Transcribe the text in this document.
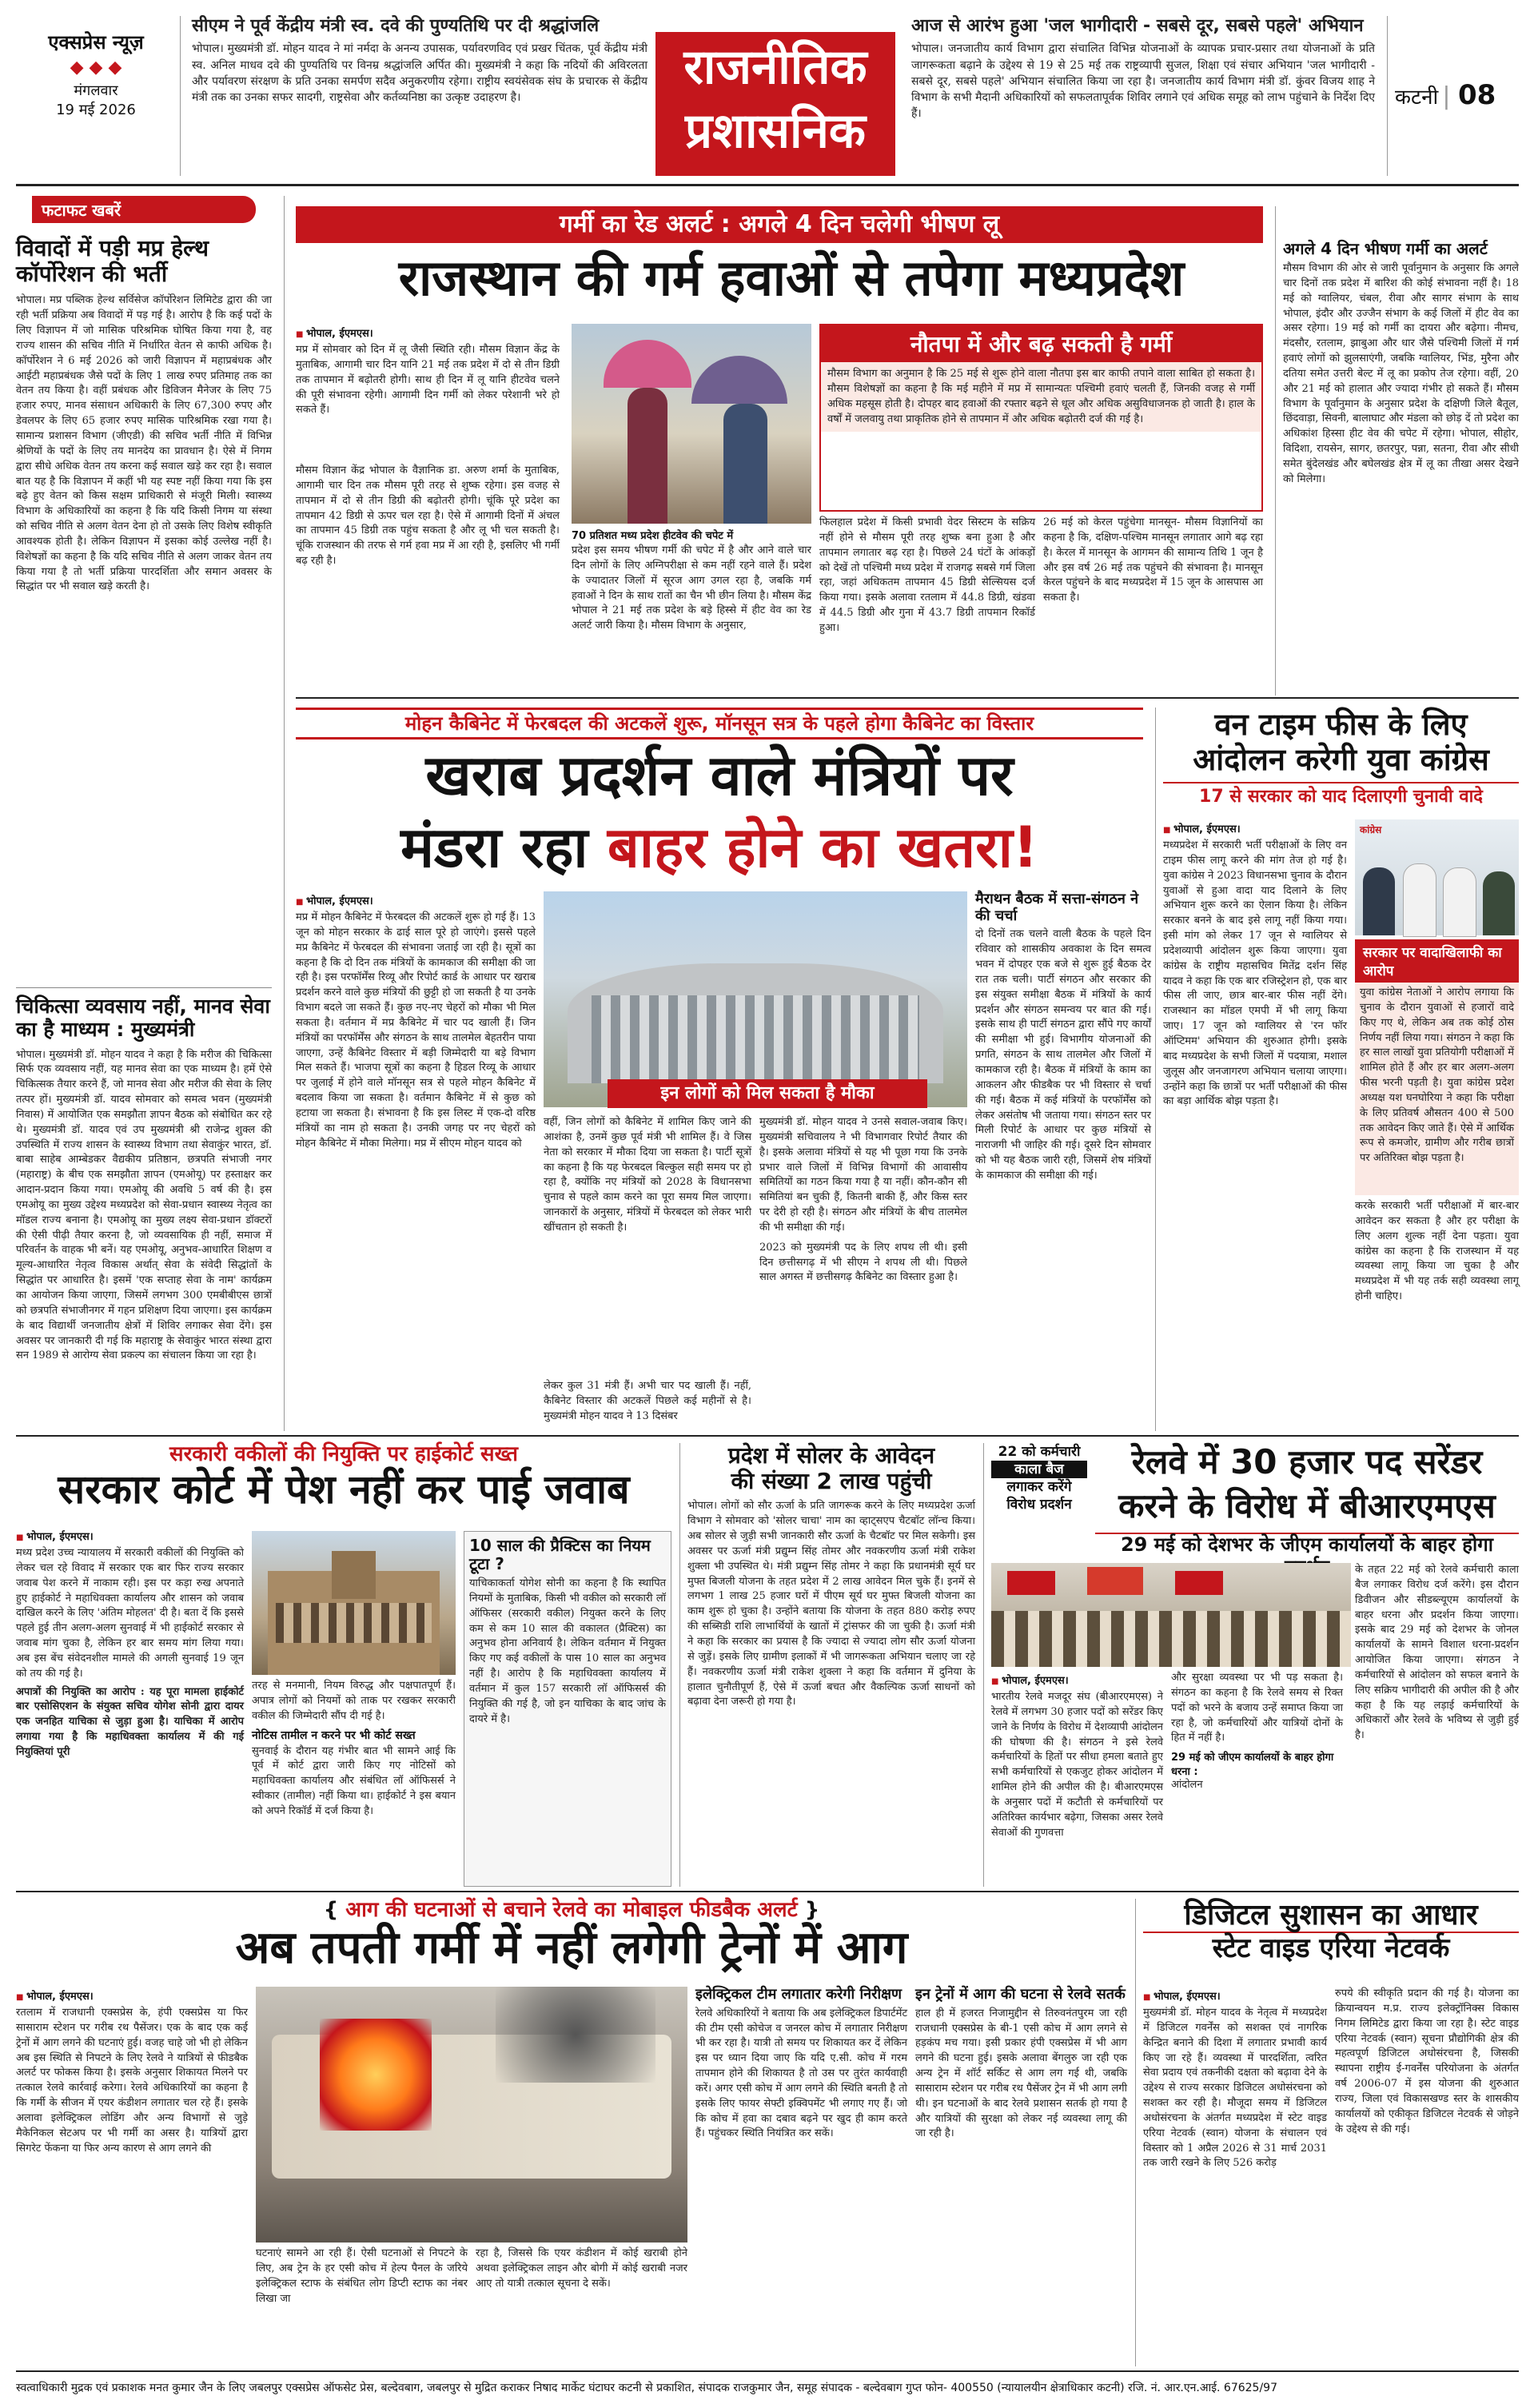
एक्सप्रेस न्यूज़
◆ ◆ ◆
मंगलवार
19 मई 2026
सीएम ने पूर्व केंद्रीय मंत्री स्व. दवे की पुण्यतिथि पर दी श्रद्धांजलि
भोपाल। मुख्यमंत्री डॉ. मोहन यादव ने मां नर्मदा के अनन्य उपासक, पर्यावरणविद एवं प्रखर चिंतक, पूर्व केंद्रीय मंत्री स्व. अनिल माधव दवे की पुण्यतिथि पर विनम्र श्रद्धांजलि अर्पित की। मुख्यमंत्री ने कहा कि नदियों की अविरलता और पर्यावरण संरक्षण के प्रति उनका समर्पण सदैव अनुकरणीय रहेगा। राष्ट्रीय स्वयंसेवक संघ के प्रचारक से केंद्रीय मंत्री तक का उनका सफर सादगी, राष्ट्रसेवा और कर्तव्यनिष्ठा का उत्कृष्ट उदाहरण है।
राजनीतिक
प्रशासनिक
आज से आरंभ हुआ 'जल भागीदारी - सबसे दूर, सबसे पहले' अभियान
भोपाल। जनजातीय कार्य विभाग द्वारा संचालित विभिन्न योजनाओं के व्यापक प्रचार-प्रसार तथा योजनाओं के प्रति जागरूकता बढ़ाने के उद्देश्य से 19 से 25 मई तक राष्ट्रव्यापी सुजल, शिक्षा एवं संचार अभियान 'जल भागीदारी - सबसे दूर, सबसे पहले' अभियान संचालित किया जा रहा है। जनजातीय कार्य विभाग मंत्री डॉ. कुंवर विजय शाह ने विभाग के सभी मैदानी अधिकारियों को सफलतापूर्वक शिविर लगाने एवं अधिक समूह को लाभ पहुंचाने के निर्देश दिए हैं।
कटनी | 08
फटाफट खबरें
विवादों में पड़ी मप्र हेल्थ कॉर्पोरेशन की भर्ती
भोपाल। मप्र पब्लिक हेल्थ सर्विसेज कॉर्पोरेशन लिमिटेड द्वारा की जा रही भर्ती प्रक्रिया अब विवादों में पड़ गई है। आरोप है कि कई पदों के लिए विज्ञापन में जो मासिक परिश्रमिक घोषित किया गया है, वह राज्य शासन की सचिव नीति में निर्धारित वेतन से काफी अधिक है। कॉर्पोरेशन ने 6 मई 2026 को जारी विज्ञापन में महाप्रबंधक और आईटी महाप्रबंधक जैसे पदों के लिए 1 लाख रुपए प्रतिमाह तक का वेतन तय किया है। वहीं प्रबंधक और डिविजन मैनेजर के लिए 75 हजार रुपए, मानव संसाधन अधिकारी के लिए 67,300 रुपए और डेवलपर के लिए 65 हजार रुपए मासिक पारिश्रमिक रखा गया है। सामान्य प्रशासन विभाग (जीएडी) की सचिव भर्ती नीति में विभिन्न श्रेणियों के पदों के लिए तय मानदेय का प्रावधान है। ऐसे में निगम द्वारा सीधे अधिक वेतन तय करना कई सवाल खड़े कर रहा है। सवाल बात यह है कि विज्ञापन में कहीं भी यह स्पष्ट नहीं किया गया कि इस बढ़े हुए वेतन को किस सक्षम प्राधिकारी से मंजूरी मिली। स्वास्थ्य विभाग के अधिकारियों का कहना है कि यदि किसी निगम या संस्था को सचिव नीति से अलग वेतन देना हो तो उसके लिए विशेष स्वीकृति आवश्यक होती है। लेकिन विज्ञापन में इसका कोई उल्लेख नहीं है। विशेषज्ञों का कहना है कि यदि सचिव नीति से अलग जाकर वेतन तय किया गया है तो भर्ती प्रक्रिया पारदर्शिता और समान अवसर के सिद्धांत पर भी सवाल खड़े करती है।
चिकित्सा व्यवसाय नहीं, मानव सेवा का है माध्यम : मुख्यमंत्री
भोपाल। मुख्यमंत्री डॉ. मोहन यादव ने कहा है कि मरीज की चिकित्सा सिर्फ एक व्यवसाय नहीं, यह मानव सेवा का एक माध्यम है। हमें ऐसे चिकित्सक तैयार करने हैं, जो मानव सेवा और मरीज की सेवा के लिए तत्पर हों। मुख्यमंत्री डॉ. यादव सोमवार को समत्व भवन (मुख्यमंत्री निवास) में आयोजित एक समझौता ज्ञापन बैठक को संबोधित कर रहे थे। मुख्यमंत्री डॉ. यादव एवं उप मुख्यमंत्री श्री राजेन्द्र शुक्ल की उपस्थिति में राज्य शासन के स्वास्थ्य विभाग तथा सेवाकुंर भारत, डॉ. बाबा साहेब आम्बेडकर वैद्यकीय प्रतिष्ठान, छत्रपति संभाजी नगर (महाराष्ट्र) के बीच एक समझौता ज्ञापन (एमओयू) पर हस्ताक्षर कर आदान-प्रदान किया गया। एमओयू की अवधि 5 वर्ष की है। इस एमओयू का मुख्य उद्देश्य मध्यप्रदेश को सेवा-प्रधान स्वास्थ्य नेतृत्व का मॉडल राज्य बनाना है। एमओयू का मुख्य लक्ष्य सेवा-प्रधान डॉक्टरों की ऐसी पीढ़ी तैयार करना है, जो व्यवसायिक ही नहीं, समाज में परिवर्तन के वाहक भी बनें। यह एमओयू, अनुभव-आधारित शिक्षण व मूल्य-आधारित नेतृत्व विकास अर्थात् सेवा के संवेदी सिद्धांतों के सिद्धांत पर आधारित है। इसमें 'एक सप्ताह सेवा के नाम' कार्यक्रम का आयोजन किया जाएगा, जिसमें लगभग 300 एमबीबीएस छात्रों को छत्रपति संभाजीनगर में गहन प्रशिक्षण दिया जाएगा। इस कार्यक्रम के बाद विद्यार्थी जनजातीय क्षेत्रों में शिविर लगाकर सेवा देंगे। इस अवसर पर जानकारी दी गई कि महाराष्ट्र के सेवाकुंर भारत संस्था द्वारा सन 1989 से आरोग्य सेवा प्रकल्प का संचालन किया जा रहा है।
गर्मी का रेड अलर्ट : अगले 4 दिन चलेगी भीषण लू
राजस्थान की गर्म हवाओं से तपेगा मध्यप्रदेश
■ भोपाल, ईएमएस।
मप्र में सोमवार को दिन में लू जैसी स्थिति रही। मौसम विज्ञान केंद्र के मुताबिक, आगामी चार दिन यानि 21 मई तक प्रदेश में दो से तीन डिग्री तक तापमान में बढ़ोतरी होगी। साथ ही दिन में लू यानि हीटवेव चलने की पूरी संभावना रहेगी। आगामी दिन गर्मी को लेकर परेशानी भरे हो सकते हैं।
मौसम विज्ञान केंद्र भोपाल के वैज्ञानिक डा. अरुण शर्मा के मुताबिक, आगामी चार दिन तक मौसम पूरी तरह से शुष्क रहेगा। इस वजह से तापमान में दो से तीन डिग्री की बढ़ोतरी होगी। चूंकि पूरे प्रदेश का तापमान 42 डिग्री से ऊपर चल रहा है। ऐसे में आगामी दिनों में अंचल का तापमान 45 डिग्री तक पहुंच सकता है और लू भी चल सकती है। चूंकि राजस्थान की तरफ से गर्म हवा मप्र में आ रही है, इसलिए भी गर्मी बढ़ रही है।
70 प्रतिशत मध्य प्रदेश हीटवेव की चपेट में
प्रदेश इस समय भीषण गर्मी की चपेट में है और आने वाले चार दिन लोगों के लिए अग्निपरीक्षा से कम नहीं रहने वाले हैं। प्रदेश के ज्यादातर जिलों में सूरज आग उगल रहा है, जबकि गर्म हवाओं ने दिन के साथ रातों का चैन भी छीन लिया है। मौसम केंद्र भोपाल ने 21 मई तक प्रदेश के बड़े हिस्से में हीट वेव का रेड अलर्ट जारी किया है। मौसम विभाग के अनुसार,
नौतपा में और बढ़ सकती है गर्मी
मौसम विभाग का अनुमान है कि 25 मई से शुरू होने वाला नौतपा इस बार काफी तपाने वाला साबित हो सकता है। मौसम विशेषज्ञों का कहना है कि मई महीने में मप्र में सामान्यतः पश्चिमी हवाएं चलती हैं, जिनकी वजह से गर्मी अधिक महसूस होती है। दोपहर बाद हवाओं की रफ्तार बढ़ने से धूल और अधिक असुविधाजनक हो जाती है। हाल के वर्षों में जलवायु तथा प्राकृतिक होने से तापमान में और अधिक बढ़ोतरी दर्ज की गई है।
फिलहाल प्रदेश में किसी प्रभावी वेदर सिस्टम के सक्रिय नहीं होने से मौसम पूरी तरह शुष्क बना हुआ है और तापमान लगातार बढ़ रहा है। पिछले 24 घंटों के आंकड़ों को देखें तो पश्चिमी मध्य प्रदेश में राजगढ़ सबसे गर्म जिला रहा, जहां अधिकतम तापमान 45 डिग्री सेल्सियस दर्ज किया गया। इसके अलावा रतलाम में 44.8 डिग्री, खंडवा में 44.5 डिग्री और गुना में 43.7 डिग्री तापमान रिकॉर्ड हुआ।
26 मई को केरल पहुंचेगा मानसून- मौसम विज्ञानियों का कहना है कि, दक्षिण-पश्चिम मानसून लगातार आगे बढ़ रहा है। केरल में मानसून के आगमन की सामान्य तिथि 1 जून है और इस वर्ष 26 मई तक पहुंचने की संभावना है। मानसून केरल पहुंचने के बाद मध्यप्रदेश में 15 जून के आसपास आ सकता है।
अगले 4 दिन भीषण गर्मी का अलर्ट
मौसम विभाग की ओर से जारी पूर्वानुमान के अनुसार कि अगले चार दिनों तक प्रदेश में बारिश की कोई संभावना नहीं है। 18 मई को ग्वालियर, चंबल, रीवा और सागर संभाग के साथ भोपाल, इंदौर और उज्जैन संभाग के कई जिलों में हीट वेव का असर रहेगा। 19 मई को गर्मी का दायरा और बढ़ेगा। नीमच, मंदसौर, रतलाम, झाबुआ और धार जैसे पश्चिमी जिलों में गर्म हवाएं लोगों को झुलसाएंगी, जबकि ग्वालियर, भिंड, मुरैना और दतिया समेत उत्तरी बेल्ट में लू का प्रकोप तेज रहेगा। वहीं, 20 और 21 मई को हालात और ज्यादा गंभीर हो सकते हैं। मौसम विभाग के पूर्वानुमान के अनुसार प्रदेश के दक्षिणी जिले बैतूल, छिंदवाड़ा, सिवनी, बालाघाट और मंडला को छोड़ दें तो प्रदेश का अधिकांश हिस्सा हीट वेव की चपेट में रहेगा। भोपाल, सीहोर, विदिशा, रायसेन, सागर, छतरपुर, पन्ना, सतना, रीवा और सीधी समेत बुंदेलखंड और बघेलखंड क्षेत्र में लू का तीखा असर देखने को मिलेगा।
मोहन कैबिनेट में फेरबदल की अटकलें शुरू, मॉनसून सत्र के पहले होगा कैबिनेट का विस्तार
खराब प्रदर्शन वाले मंत्रियों पर
मंडरा रहा बाहर होने का खतरा!
■ भोपाल, ईएमएस।
मप्र में मोहन कैबिनेट में फेरबदल की अटकलें शुरू हो गई हैं। 13 जून को मोहन सरकार के ढाई साल पूरे हो जाएंगे। इससे पहले मप्र कैबिनेट में फेरबदल की संभावना जताई जा रही है। सूत्रों का कहना है कि दो दिन तक मंत्रियों के कामकाज की समीक्षा की जा रही है। इस परफॉर्मेंस रिव्यू और रिपोर्ट कार्ड के आधार पर खराब प्रदर्शन करने वाले कुछ मंत्रियों की छुट्टी हो जा सकती है या उनके विभाग बदले जा सकते हैं। कुछ नए-नए चेहरों को मौका भी मिल सकता है। वर्तमान में मप्र कैबिनेट में चार पद खाली हैं। जिन मंत्रियों का परफॉर्मेंस और संगठन के साथ तालमेल बेहतरीन पाया जाएगा, उन्हें कैबिनेट विस्तार में बड़ी जिम्मेदारी या बड़े विभाग मिल सकते हैं। भाजपा सूत्रों का कहना है हिडल रिव्यू के आधार पर जुलाई में होने वाले मॉनसून सत्र से पहले मोहन कैबिनेट में बदलाव किया जा सकता है। वर्तमान कैबिनेट में से कुछ को हटाया जा सकता है। संभावना है कि इस लिस्ट में एक-दो वरिष्ठ मंत्रियों का नाम हो सकता है। उनकी जगह पर नए चेहरों को मोहन कैबिनेट में मौका मिलेगा। मप्र में सीएम मोहन यादव को
इन लोगों को मिल सकता है मौका
वहीं, जिन लोगों को कैबिनेट में शामिल किए जाने की आशंका है, उनमें कुछ पूर्व मंत्री भी शामिल हैं। वे जिस नेता को सरकार में मौका दिया जा सकता है। पार्टी सूत्रों का कहना है कि यह फेरबदल बिल्कुल सही समय पर हो रहा है, क्योंकि नए मंत्रियों को 2028 के विधानसभा चुनाव से पहले काम करने का पूरा समय मिल जाएगा। जानकारों के अनुसार, मंत्रियों में फेरबदल को लेकर भारी खींचतान हो सकती है।
लेकर कुल 31 मंत्री हैं। अभी चार पद खाली हैं। नहीं, कैबिनेट विस्तार की अटकलें पिछले कई महीनों से है। मुख्यमंत्री मोहन यादव ने 13 दिसंबर
मुख्यमंत्री डॉ. मोहन यादव ने उनसे सवाल-जवाब किए। मुख्यमंत्री सचिवालय ने भी विभागवार रिपोर्ट तैयार की है। इसके अलावा मंत्रियों से यह भी पूछा गया कि उनके प्रभार वाले जिलों में विभिन्न विभागों की आवासीय समितियों का गठन किया गया है या नहीं। कौन-कौन सी समितियां बन चुकी हैं, कितनी बाकी हैं, और किस स्तर पर देरी हो रही है। संगठन और मंत्रियों के बीच तालमेल की भी समीक्षा की गई।
2023 को मुख्यमंत्री पद के लिए शपथ ली थी। इसी दिन छत्तीसगढ़ में भी सीएम ने शपथ ली थी। पिछले साल अगस्त में छत्तीसगढ़ कैबिनेट का विस्तार हुआ है।
मैराथन बैठक में सत्ता-संगठन ने की चर्चा
दो दिनों तक चलने वाली बैठक के पहले दिन रविवार को शासकीय अवकाश के दिन समत्व भवन में दोपहर एक बजे से शुरू हुई बैठक देर रात तक चली। पार्टी संगठन और सरकार की इस संयुक्त समीक्षा बैठक में मंत्रियों के कार्य प्रदर्शन और संगठन समन्वय पर बात की गई। इसके साथ ही पार्टी संगठन द्वारा सौंपे गए कार्यों की समीक्षा भी हुई। विभागीय योजनाओं की प्रगति, संगठन के साथ तालमेल और जिलों में कामकाज रही है। बैठक में मंत्रियों के काम का आकलन और फीडबैक पर भी विस्तार से चर्चा की गई। बैठक में कई मंत्रियों के परफॉर्मेंस को लेकर असंतोष भी जताया गया। संगठन स्तर पर मिली रिपोर्ट के आधार पर कुछ मंत्रियों से नाराजगी भी जाहिर की गई। दूसरे दिन सोमवार को भी यह बैठक जारी रही, जिसमें शेष मंत्रियों के कामकाज की समीक्षा की गई।
वन टाइम फीस के लिए
आंदोलन करेगी युवा कांग्रेस
17 से सरकार को याद दिलाएगी चुनावी वादे
■ भोपाल, ईएमएस।
मध्यप्रदेश में सरकारी भर्ती परीक्षाओं के लिए वन टाइम फीस लागू करने की मांग तेज हो गई है। युवा कांग्रेस ने 2023 विधानसभा चुनाव के दौरान युवाओं से हुआ वादा याद दिलाने के लिए अभियान शुरू करने का ऐलान किया है। लेकिन सरकार बनने के बाद इसे लागू नहीं किया गया। इसी मांग को लेकर 17 जून से ग्वालियर से प्रदेशव्यापी आंदोलन शुरू किया जाएगा। युवा कांग्रेस के राष्ट्रीय महासचिव मितेंद्र दर्शन सिंह यादव ने कहा कि एक बार रजिस्ट्रेशन हो, एक बार फीस ली जाए, छात्र बार-बार फीस नहीं देंगे। राजस्थान का मॉडल एमपी में भी लागू किया जाए। 17 जून को ग्वालियर से 'रन फॉर ऑप्टिमम' अभियान की शुरुआत होगी। इसके बाद मध्यप्रदेश के सभी जिलों में पदयात्रा, मशाल जुलूस और जनजागरण अभियान चलाया जाएगा। उन्होंने कहा कि छात्रों पर भर्ती परीक्षाओं की फीस का बड़ा आर्थिक बोझ पड़ता है।
कांग्रेस
सरकार पर वादाखिलाफी का आरोप
युवा कांग्रेस नेताओं ने आरोप लगाया कि चुनाव के दौरान युवाओं से हजारों वादे किए गए थे, लेकिन अब तक कोई ठोस निर्णय नहीं लिया गया। संगठन ने कहा कि हर साल लाखों युवा प्रतियोगी परीक्षाओं में शामिल होते हैं और हर बार अलग-अलग फीस भरनी पड़ती है। युवा कांग्रेस प्रदेश अध्यक्ष यश घनघोरिया ने कहा कि परीक्षा के लिए प्रतिवर्ष औसतन 400 से 500 तक आवेदन किए जाते हैं। ऐसे में आर्थिक रूप से कमजोर, ग्रामीण और गरीब छात्रों पर अतिरिक्त बोझ पड़ता है।
करके सरकारी भर्ती परीक्षाओं में बार-बार आवेदन कर सकता है और हर परीक्षा के लिए अलग शुल्क नहीं देना पड़ता। युवा कांग्रेस का कहना है कि राजस्थान में यह व्यवस्था लागू किया जा चुका है और मध्यप्रदेश में भी यह तर्क सही व्यवस्था लागू होनी चाहिए।
सरकारी वकीलों की नियुक्ति पर हाईकोर्ट सख्त
सरकार कोर्ट में पेश नहीं कर पाई जवाब
■ भोपाल, ईएमएस।
मध्य प्रदेश उच्च न्यायालय में सरकारी वकीलों की नियुक्ति को लेकर चल रहे विवाद में सरकार एक बार फिर राज्य सरकार जवाब पेश करने में नाकाम रही। इस पर कड़ा रुख अपनाते हुए हाईकोर्ट ने महाधिवक्ता कार्यालय और शासन को जवाब दाखिल करने के लिए 'अंतिम मोहलत' दी है। बता दें कि इससे पहले हुई तीन अलग-अलग सुनवाई में भी हाईकोर्ट सरकार से जवाब मांग चुका है, लेकिन हर बार समय मांग लिया गया। अब इस बेंच संवेदनशील मामले की अगली सुनवाई 19 जून को तय की गई है।
अपात्रों की नियुक्ति का आरोप : यह पूरा मामला हाईकोर्ट बार एसोसिएशन के संयुक्त सचिव योगेश सोनी द्वारा दायर एक जनहित याचिका से जुड़ा हुआ है। याचिका में आरोप लगाया गया है कि महाधिवक्ता कार्यालय में की गई नियुक्तियां पूरी
तरह से मनमानी, नियम विरुद्ध और पक्षपातपूर्ण हैं। अपात्र लोगों को नियमों को ताक पर रखकर सरकारी वकील की जिम्मेदारी सौंप दी गई है।
नोटिस तामील न करने पर भी कोर्ट सख्त
सुनवाई के दौरान यह गंभीर बात भी सामने आई कि पूर्व में कोर्ट द्वारा जारी किए गए नोटिसों को महाधिवक्ता कार्यालय और संबंधित लॉ ऑफिसर्स ने स्वीकार (तामील) नहीं किया था। हाईकोर्ट ने इस बयान को अपने रिकॉर्ड में दर्ज किया है।
10 साल की प्रैक्टिस का नियम टूटा ?
याचिकाकर्ता योगेश सोनी का कहना है कि स्थापित नियमों के मुताबिक, किसी भी वकील को सरकारी लॉ ऑफिसर (सरकारी वकील) नियुक्त करने के लिए कम से कम 10 साल की वकालत (प्रैक्टिस) का अनुभव होना अनिवार्य है। लेकिन वर्तमान में नियुक्त किए गए कई वकीलों के पास 10 साल का अनुभव नहीं है। आरोप है कि महाधिवक्ता कार्यालय में वर्तमान में कुल 157 सरकारी लॉ ऑफिसर्स की नियुक्ति की गई है, जो इन याचिका के बाद जांच के दायरे में है।
प्रदेश में सोलर के आवेदन
की संख्या 2 लाख पहुंची
भोपाल। लोगों को सौर ऊर्जा के प्रति जागरूक करने के लिए मध्यप्रदेश ऊर्जा विभाग ने सोमवार को 'सोलर चाचा' नाम का व्हाट्सएप चैटबॉट लॉन्च किया। अब सोलर से जुड़ी सभी जानकारी सौर ऊर्जा के चैटबॉट पर मिल सकेगी। इस अवसर पर ऊर्जा मंत्री प्रद्युम्न सिंह तोमर और नवकरणीय ऊर्जा मंत्री राकेश शुक्ला भी उपस्थित थे। मंत्री प्रद्युम्न सिंह तोमर ने कहा कि प्रधानमंत्री सूर्य घर मुफ्त बिजली योजना के तहत प्रदेश में 2 लाख आवेदन मिल चुके हैं। इनमें से लगभग 1 लाख 25 हजार घरों में पीएम सूर्य घर मुफ्त बिजली योजना का काम शुरू हो चुका है। उन्होंने बताया कि योजना के तहत 880 करोड़ रुपए की सब्सिडी राशि लाभार्थियों के खातों में ट्रांसफर की जा चुकी है। ऊर्जा मंत्री ने कहा कि सरकार का प्रयास है कि ज्यादा से ज्यादा लोग सौर ऊर्जा योजना से जुड़ें। इसके लिए ग्रामीण इलाकों में भी जागरूकता अभियान चलाए जा रहे हैं। नवकरणीय ऊर्जा मंत्री राकेश शुक्ला ने कहा कि वर्तमान में दुनिया के हालात चुनौतीपूर्ण हैं, ऐसे में ऊर्जा बचत और वैकल्पिक ऊर्जा साधनों को बढ़ावा देना जरूरी हो गया है।
22 को कर्मचारी
काला बैज
लगाकर करेंगे
विरोध प्रदर्शन
रेलवे में 30 हजार पद सरेंडर
करने के विरोध में बीआरएमएस
29 मई को देशभर के जीएम कार्यालयों के बाहर होगा
■ भोपाल, ईएमएस।
भारतीय रेलवे मजदूर संघ (बीआरएमएस) ने रेलवे में लगभग 30 हजार पदों को सरेंडर किए जाने के निर्णय के विरोध में देशव्यापी आंदोलन की घोषणा की है। संगठन ने इसे रेलवे कर्मचारियों के हितों पर सीधा हमला बताते हुए सभी कर्मचारियों से एकजुट होकर आंदोलन में शामिल होने की अपील की है। बीआरएमएस के अनुसार पदों में कटौती से कर्मचारियों पर अतिरिक्त कार्यभार बढ़ेगा, जिसका असर रेलवे सेवाओं की गुणवत्ता
और सुरक्षा व्यवस्था पर भी पड़ सकता है। संगठन का कहना है कि रेलवे समय से रिक्त पदों को भरने के बजाय उन्हें समाप्त किया जा रहा है, जो कर्मचारियों और यात्रियों दोनों के हित में नहीं है।
29 मई को जीएम कार्यालयों के बाहर होगा धरना :
आंदोलन
के तहत 22 मई को रेलवे कर्मचारी काला बैज लगाकर विरोध दर्ज करेंगे। इस दौरान डिवीजन और सीडब्ल्यूएम कार्यालयों के बाहर धरना और प्रदर्शन किया जाएगा। इसके बाद 29 मई को देशभर के जोनल कार्यालयों के सामने विशाल धरना-प्रदर्शन आयोजित किया जाएगा। संगठन ने कर्मचारियों से आंदोलन को सफल बनाने के लिए सक्रिय भागीदारी की अपील की है और कहा है कि यह लड़ाई कर्मचारियों के अधिकारों और रेलवे के भविष्य से जुड़ी हुई है।
{ आग की घटनाओं से बचाने रेलवे का मोबाइल फीडबैक अलर्ट }
अब तपती गर्मी में नहीं लगेगी ट्रेनों में आग
■ भोपाल, ईएमएस।
रतलाम में राजधानी एक्सप्रेस के, हंपी एक्सप्रेस या फिर सासाराम स्टेशन पर गरीब रथ पैसेंजर। एक के बाद एक कई ट्रेनों में आग लगने की घटनाएं हुई। वजह चाहे जो भी हो लेकिन अब इस स्थिति से निपटने के लिए रेलवे ने यात्रियों से फीडबैक अलर्ट पर फोकस किया है। इसके अनुसार शिकायत मिलने पर तत्काल रेलवे कार्रवाई करेगा। रेलवे अधिकारियों का कहना है कि गर्मी के सीजन में एयर कंडीशन लगातार चल रहे हैं। इसके अलावा इलेक्ट्रिकल लोडिंग और अन्य विभागों से जुड़े मैकेनिकल सेटअप पर भी गर्मी का असर है। यात्रियों द्वारा सिगरेट फेंकना या फिर अन्य कारण से आग लगने की
घटनाएं सामने आ रही हैं। ऐसी घटनाओं से निपटने के लिए, अब ट्रेन के हर एसी कोच में हेल्प पैनल के जरिये इलेक्ट्रिकल स्टाफ के संबंधित लोग डिप्टी स्टाफ का नंबर लिखा जा
रहा है, जिससे कि एयर कंडीशन में कोई खराबी होने अथवा इलेक्ट्रिकल लाइन और बोगी में कोई खराबी नजर आए तो यात्री तत्काल सूचना दे सकें।
इलेक्ट्रिकल टीम लगातार करेगी निरीक्षण
रेलवे अधिकारियों ने बताया कि अब इलेक्ट्रिकल डिपार्टमेंट की टीम एसी कोचेज व जनरल कोच में लगातार निरीक्षण भी कर रहा है। यात्री तो समय पर शिकायत कर दें लेकिन इस पर ध्यान दिया जाए कि यदि ए.सी. कोच में गरम तापमान होने की शिकायत है तो उस पर तुरंत कार्यवाही करें। अगर एसी कोच में आग लगने की स्थिति बनती है तो इसके लिए फायर सेफ्टी इक्विपमेंट भी लगाए गए हैं। जो कि कोच में हवा का दबाव बढ़ने पर खुद ही काम करते हैं। पहुंचकर स्थिति नियंत्रित कर सकें।
इन ट्रेनों में आग की घटना से रेलवे सतर्क
हाल ही में हजरत निजामुद्दीन से तिरुवनंतपुरम जा रही राजधानी एक्सप्रेस के बी-1 एसी कोच में आग लगने से हड़कंप मच गया। इसी प्रकार हंपी एक्सप्रेस में भी आग लगने की घटना हुई। इसके अलावा बेंगलुरु जा रही एक अन्य ट्रेन में शॉर्ट सर्किट से आग लग गई थी, जबकि सासाराम स्टेशन पर गरीब रथ पैसेंजर ट्रेन में भी आग लगी थी। इन घटनाओं के बाद रेलवे प्रशासन सतर्क हो गया है और यात्रियों की सुरक्षा को लेकर नई व्यवस्था लागू की जा रही है।
डिजिटल सुशासन का आधार
स्टेट वाइड एरिया नेटवर्क
■ भोपाल, ईएमएस।
मुख्यमंत्री डॉ. मोहन यादव के नेतृत्व में मध्यप्रदेश में डिजिटल गवर्नेंस को सशक्त एवं नागरिक केन्द्रित बनाने की दिशा में लगातार प्रभावी कार्य किए जा रहे हैं। व्यवस्था में पारदर्शिता, त्वरित सेवा प्रदाय एवं तकनीकी दक्षता को बढ़ावा देने के उद्देश्य से राज्य सरकार डिजिटल अधोसंरचना को सशक्त कर रही है। मौजूदा समय में डिजिटल अधोसंरचना के अंतर्गत मध्यप्रदेश में स्टेट वाइड एरिया नेटवर्क (स्वान) योजना के संचालन एवं विस्तार को 1 अप्रैल 2026 से 31 मार्च 2031 तक जारी रखने के लिए 526 करोड़
रुपये की स्वीकृति प्रदान की गई है। योजना का क्रियान्वयन म.प्र. राज्य इलेक्ट्रॉनिक्स विकास निगम लिमिटेड द्वारा किया जा रहा है। स्टेट वाइड एरिया नेटवर्क (स्वान) सूचना प्रौद्योगिकी क्षेत्र की महत्वपूर्ण डिजिटल अधोसंरचना है, जिसकी स्थापना राष्ट्रीय ई-गवर्नेंस परियोजना के अंतर्गत वर्ष 2006-07 में इस योजना की शुरुआत राज्य, जिला एवं विकासखण्ड स्तर के शासकीय कार्यालयों को एकीकृत डिजिटल नेटवर्क से जोड़ने के उद्देश्य से की गई।
स्वत्वाधिकारी मुद्रक एवं प्रकाशक मनत कुमार जैन के लिए जबलपुर एक्सप्रेस ऑफसेट प्रेस, बल्देवबाग, जबलपुर से मुद्रित कराकर निषाद मार्केट घंटाघर कटनी से प्रकाशित, संपादक राजकुमार जैन, समूह संपादक - बल्देवबाग गुप्त फोन- 400550 (न्यायालयीन क्षेत्राधिकार कटनी) रजि. नं. आर.एन.आई. 67625/97
